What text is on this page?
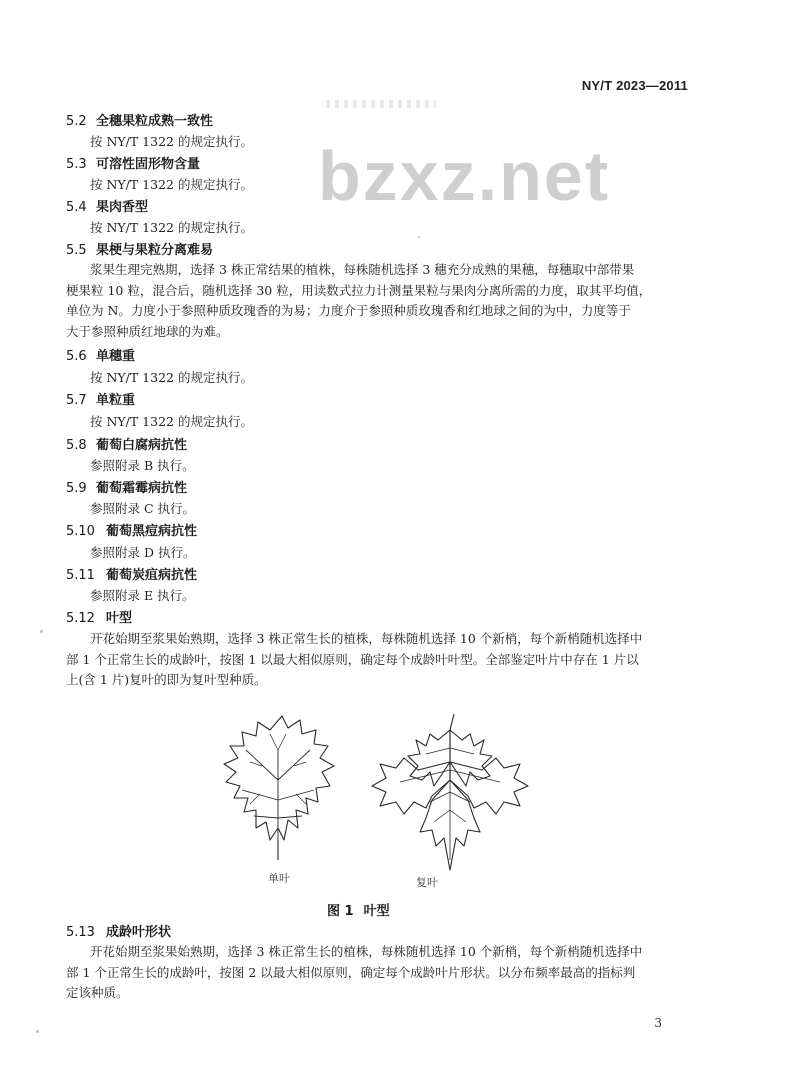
NY/T 2023—2011
bzxz.net
5.2 全穗果粒成熟一致性
按 NY/T 1322 的规定执行。
5.3 可溶性固形物含量
按 NY/T 1322 的规定执行。
5.4 果肉香型
按 NY/T 1322 的规定执行。
5.5 果梗与果粒分离难易
浆果生理完熟期，选择 3 株正常结果的植株，每株随机选择 3 穗充分成熟的果穗，每穗取中部带果
梗果粒 10 粒，混合后，随机选择 30 粒，用读数式拉力计测量果粒与果肉分离所需的力度，取其平均值，
单位为 N。力度小于参照种质玫瑰香的为易；力度介于参照种质玫瑰香和红地球之间的为中，力度等于
大于参照种质红地球的为难。
5.6 单穗重
按 NY/T 1322 的规定执行。
5.7 单粒重
按 NY/T 1322 的规定执行。
5.8 葡萄白腐病抗性
参照附录 B 执行。
5.9 葡萄霜霉病抗性
参照附录 C 执行。
5.10 葡萄黑痘病抗性
参照附录 D 执行。
5.11 葡萄炭疽病抗性
参照附录 E 执行。
5.12 叶型
开花始期至浆果始熟期，选择 3 株正常生长的植株，每株随机选择 10 个新梢，每个新梢随机选择中
部 1 个正常生长的成龄叶，按图 1 以最大相似原则，确定每个成龄叶叶型。全部鉴定叶片中存在 1 片以
上(含 1 片)复叶的即为复叶型种质。
单叶	复叶
图 1 叶型
5.13 成龄叶形状
开花始期至浆果始熟期，选择 3 株正常生长的植株，每株随机选择 10 个新梢，每个新梢随机选择中
部 1 个正常生长的成龄叶，按图 2 以最大相似原则，确定每个成龄叶片形状。以分布频率最高的指标判
定该种质。
3
